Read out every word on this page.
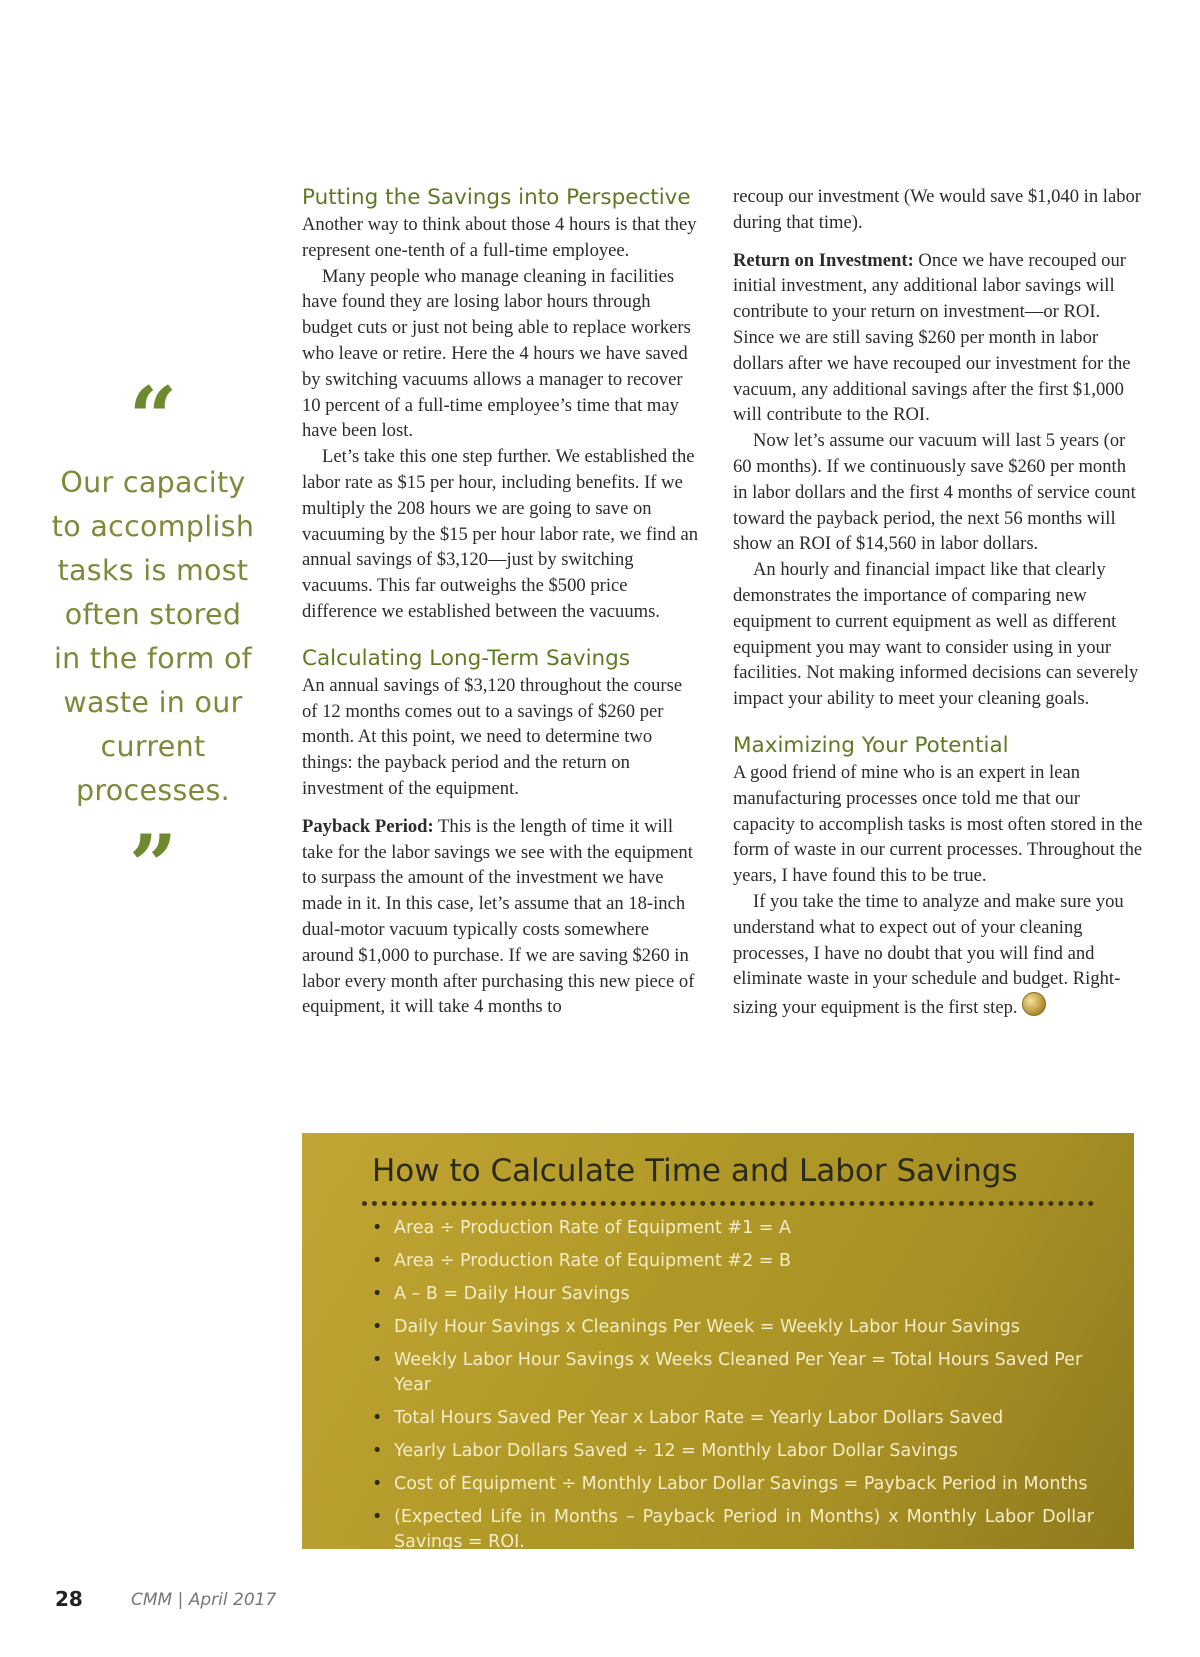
“
Our capacity to accomplish tasks is most often stored in the form of waste in our current processes.
”
Putting the Savings into Perspective

Another way to think about those 4 hours is that they represent one-tenth of a full-time employee.

Many people who manage cleaning in facilities have found they are losing labor hours through budget cuts or just not being able to replace workers who leave or retire. Here the 4 hours we have saved by switching vacuums allows a manager to recover 10 percent of a full-time employee’s time that may have been lost.

Let’s take this one step further. We established the labor rate as $15 per hour, including benefits. If we multiply the 208 hours we are going to save on vacuuming by the $15 per hour labor rate, we find an annual savings of $3,120—just by switching vacuums. This far outweighs the $500 price difference we established between the vacuums.

Calculating Long-Term Savings

An annual savings of $3,120 throughout the course of 12 months comes out to a savings of $260 per month. At this point, we need to determine two things: the payback period and the return on investment of the equipment.

Payback Period: This is the length of time it will take for the labor savings we see with the equipment to surpass the amount of the investment we have made in it. In this case, let’s assume that an 18-inch dual-motor vacuum typically costs somewhere around $1,000 to purchase. If we are saving $260 in labor every month after purchasing this new piece of equipment, it will take 4 months to

recoup our investment (We would save $1,040 in labor during that time).

Return on Investment: Once we have recouped our initial investment, any additional labor savings will contribute to your return on investment—or ROI. Since we are still saving $260 per month in labor dollars after we have recouped our investment for the vacuum, any additional savings after the first $1,000 will contribute to the ROI.

Now let’s assume our vacuum will last 5 years (or 60 months). If we continuously save $260 per month in labor dollars and the first 4 months of service count toward the payback period, the next 56 months will show an ROI of $14,560 in labor dollars.

An hourly and financial impact like that clearly demonstrates the importance of comparing new equipment to current equipment as well as different equipment you may want to consider using in your facilities. Not making informed decisions can severely impact your ability to meet your cleaning goals.

Maximizing Your Potential

A good friend of mine who is an expert in lean manufacturing processes once told me that our capacity to accomplish tasks is most often stored in the form of waste in our current processes. Throughout the years, I have found this to be true.

If you take the time to analyze and make sure you understand what to expect out of your cleaning processes, I have no doubt that you will find and eliminate waste in your schedule and budget. Right-sizing your equipment is the first step.

How to Calculate Time and Labor Savings
• Area ÷ Production Rate of Equipment #1 = A
• Area ÷ Production Rate of Equipment #2 = B
• A – B = Daily Hour Savings
• Daily Hour Savings x Cleanings Per Week = Weekly Labor Hour Savings
• Weekly Labor Hour Savings x Weeks Cleaned Per Year = Total Hours Saved Per Year
• Total Hours Saved Per Year x Labor Rate = Yearly Labor Dollars Saved
• Yearly Labor Dollars Saved ÷ 12 = Monthly Labor Dollar Savings
• Cost of Equipment ÷ Monthly Labor Dollar Savings = Payback Period in Months
• (Expected Life in Months – Payback Period in Months) x Monthly Labor Dollar Savings = ROI.
28	CMM | April 2017
